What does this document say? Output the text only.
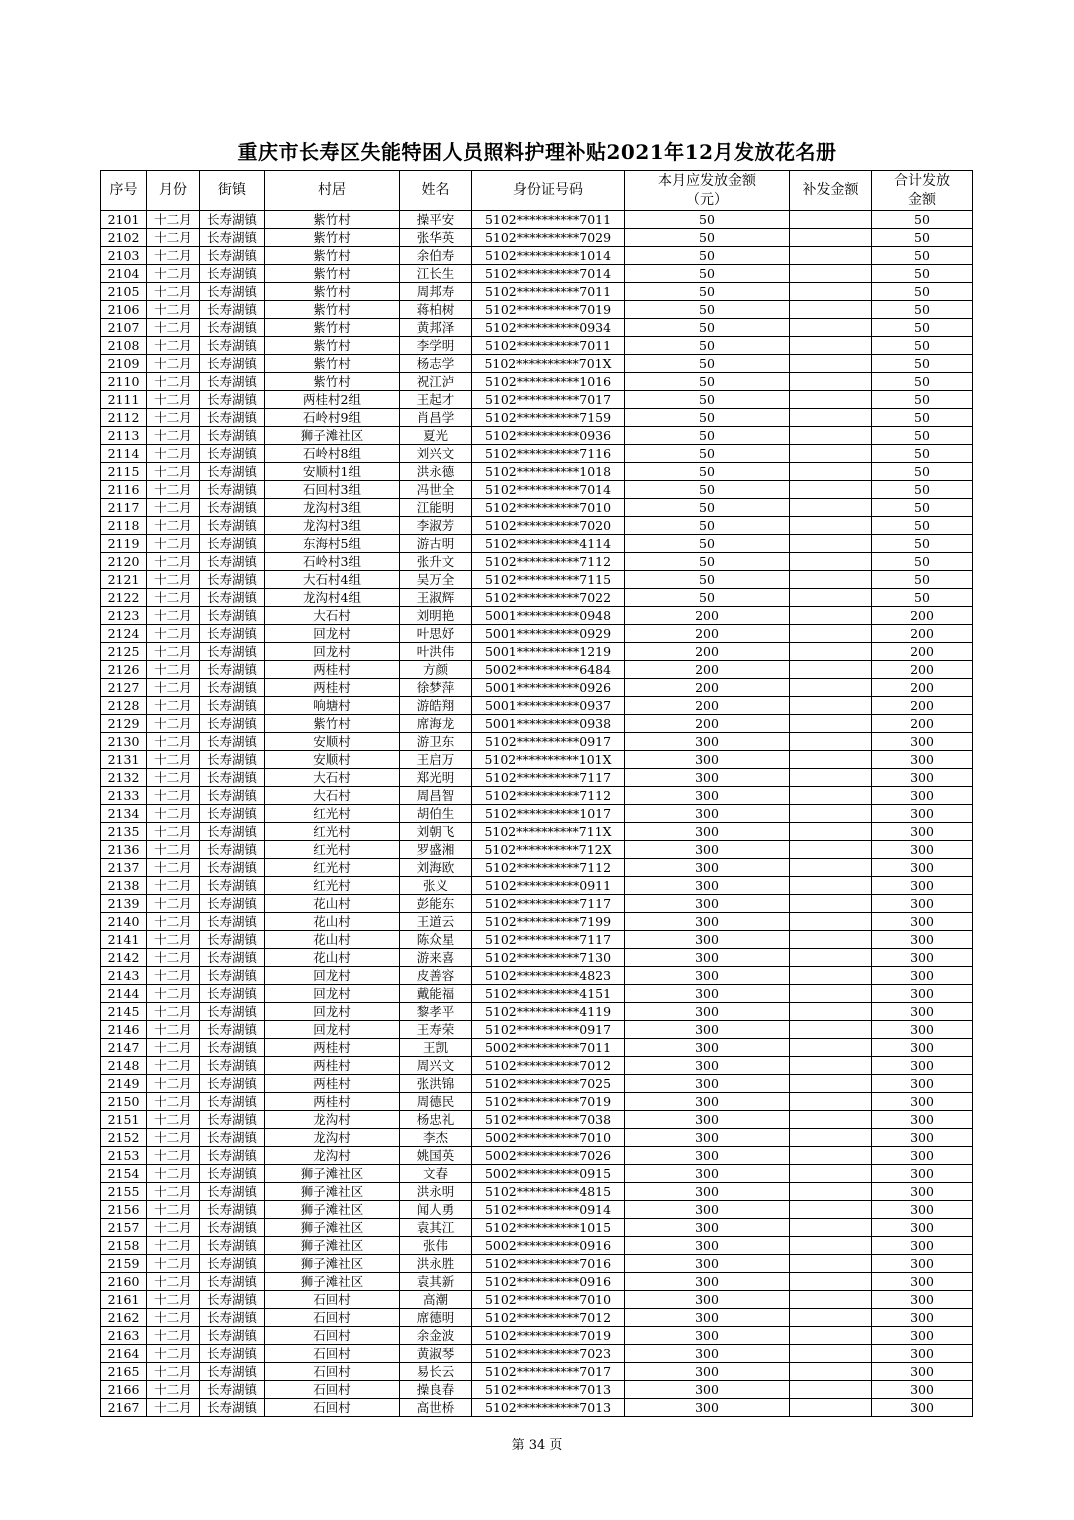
重庆市长寿区失能特困人员照料护理补贴2021年12月发放花名册
序号	月份	街镇	村居	姓名	身份证号码	本月应发放金额
（元）	补发金额	合计发放
金额
2101	十二月	长寿湖镇	紫竹村	操平安	5102**********7011	50		50
2102	十二月	长寿湖镇	紫竹村	张华英	5102**********7029	50		50
2103	十二月	长寿湖镇	紫竹村	余伯寿	5102**********1014	50		50
2104	十二月	长寿湖镇	紫竹村	江长生	5102**********7014	50		50
2105	十二月	长寿湖镇	紫竹村	周邦寿	5102**********7011	50		50
2106	十二月	长寿湖镇	紫竹村	蒋柏树	5102**********7019	50		50
2107	十二月	长寿湖镇	紫竹村	黄邦泽	5102**********0934	50		50
2108	十二月	长寿湖镇	紫竹村	李学明	5102**********7011	50		50
2109	十二月	长寿湖镇	紫竹村	杨志学	5102**********701X	50		50
2110	十二月	长寿湖镇	紫竹村	祝江泸	5102**********1016	50		50
2111	十二月	长寿湖镇	两桂村2组	王起才	5102**********7017	50		50
2112	十二月	长寿湖镇	石岭村9组	肖昌学	5102**********7159	50		50
2113	十二月	长寿湖镇	狮子滩社区	夏光	5102**********0936	50		50
2114	十二月	长寿湖镇	石岭村8组	刘兴文	5102**********7116	50		50
2115	十二月	长寿湖镇	安顺村1组	洪永德	5102**********1018	50		50
2116	十二月	长寿湖镇	石回村3组	冯世全	5102**********7014	50		50
2117	十二月	长寿湖镇	龙沟村3组	江能明	5102**********7010	50		50
2118	十二月	长寿湖镇	龙沟村3组	李淑芳	5102**********7020	50		50
2119	十二月	长寿湖镇	东海村5组	游古明	5102**********4114	50		50
2120	十二月	长寿湖镇	石岭村3组	张升文	5102**********7112	50		50
2121	十二月	长寿湖镇	大石村4组	吴万全	5102**********7115	50		50
2122	十二月	长寿湖镇	龙沟村4组	王淑辉	5102**********7022	50		50
2123	十二月	长寿湖镇	大石村	刘明艳	5001**********0948	200		200
2124	十二月	长寿湖镇	回龙村	叶思妤	5001**********0929	200		200
2125	十二月	长寿湖镇	回龙村	叶洪伟	5001**********1219	200		200
2126	十二月	长寿湖镇	两桂村	方颜	5002**********6484	200		200
2127	十二月	长寿湖镇	两桂村	徐梦萍	5001**********0926	200		200
2128	十二月	长寿湖镇	响塘村	游皓翔	5001**********0937	200		200
2129	十二月	长寿湖镇	紫竹村	席海龙	5001**********0938	200		200
2130	十二月	长寿湖镇	安顺村	游卫东	5102**********0917	300		300
2131	十二月	长寿湖镇	安顺村	王启万	5102**********101X	300		300
2132	十二月	长寿湖镇	大石村	郑光明	5102**********7117	300		300
2133	十二月	长寿湖镇	大石村	周昌智	5102**********7112	300		300
2134	十二月	长寿湖镇	红光村	胡伯生	5102**********1017	300		300
2135	十二月	长寿湖镇	红光村	刘朝飞	5102**********711X	300		300
2136	十二月	长寿湖镇	红光村	罗盛湘	5102**********712X	300		300
2137	十二月	长寿湖镇	红光村	刘海欧	5102**********7112	300		300
2138	十二月	长寿湖镇	红光村	张义	5102**********0911	300		300
2139	十二月	长寿湖镇	花山村	彭能东	5102**********7117	300		300
2140	十二月	长寿湖镇	花山村	王道云	5102**********7199	300		300
2141	十二月	长寿湖镇	花山村	陈众星	5102**********7117	300		300
2142	十二月	长寿湖镇	花山村	游来喜	5102**********7130	300		300
2143	十二月	长寿湖镇	回龙村	皮善容	5102**********4823	300		300
2144	十二月	长寿湖镇	回龙村	戴能福	5102**********4151	300		300
2145	十二月	长寿湖镇	回龙村	黎孝平	5102**********4119	300		300
2146	十二月	长寿湖镇	回龙村	王寿荣	5102**********0917	300		300
2147	十二月	长寿湖镇	两桂村	王凯	5002**********7011	300		300
2148	十二月	长寿湖镇	两桂村	周兴文	5102**********7012	300		300
2149	十二月	长寿湖镇	两桂村	张洪锦	5102**********7025	300		300
2150	十二月	长寿湖镇	两桂村	周德民	5102**********7019	300		300
2151	十二月	长寿湖镇	龙沟村	杨忠礼	5102**********7038	300		300
2152	十二月	长寿湖镇	龙沟村	李杰	5002**********7010	300		300
2153	十二月	长寿湖镇	龙沟村	姚国英	5002**********7026	300		300
2154	十二月	长寿湖镇	狮子滩社区	文春	5002**********0915	300		300
2155	十二月	长寿湖镇	狮子滩社区	洪永明	5102**********4815	300		300
2156	十二月	长寿湖镇	狮子滩社区	闻人勇	5102**********0914	300		300
2157	十二月	长寿湖镇	狮子滩社区	袁其江	5102**********1015	300		300
2158	十二月	长寿湖镇	狮子滩社区	张伟	5002**********0916	300		300
2159	十二月	长寿湖镇	狮子滩社区	洪永胜	5102**********7016	300		300
2160	十二月	长寿湖镇	狮子滩社区	袁其新	5102**********0916	300		300
2161	十二月	长寿湖镇	石回村	高潮	5102**********7010	300		300
2162	十二月	长寿湖镇	石回村	席德明	5102**********7012	300		300
2163	十二月	长寿湖镇	石回村	余金波	5102**********7019	300		300
2164	十二月	长寿湖镇	石回村	黄淑琴	5102**********7023	300		300
2165	十二月	长寿湖镇	石回村	易长云	5102**********7017	300		300
2166	十二月	长寿湖镇	石回村	操良春	5102**********7013	300		300
2167	十二月	长寿湖镇	石回村	高世桥	5102**********7013	300		300
第 34 页
